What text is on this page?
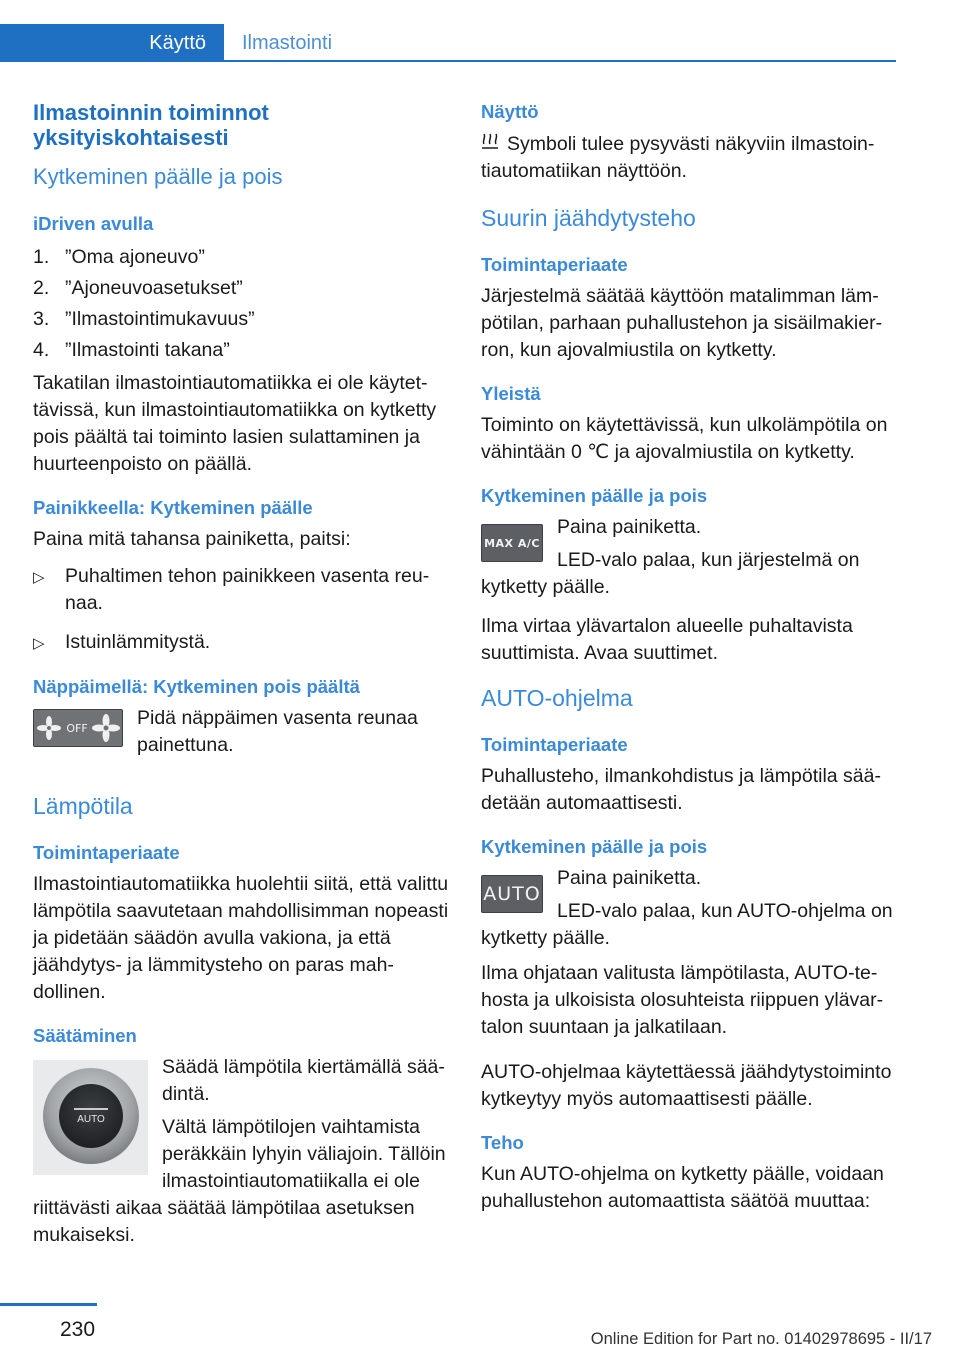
Käyttö	Ilmastointi
Ilmastoinnin toiminnot
yksityiskohtaisesti
Kytkeminen päälle ja pois
iDriven avulla
1. ”Oma ajoneuvo”
2. ”Ajoneuvoasetukset”
3. ”Ilmastointimukavuus”
4. ”Ilmastointi takana”

Takatilan ilmastointiautomatiikka ei ole käytettävissä, kun ilmastointiautomatiikka on kytketty pois päältä tai toiminto lasien sulattaminen ja huurteenpoisto on päällä.

Painikkeella: Kytkeminen päälle

Paina mitä tahansa painiketta, paitsi:

▷	Puhaltimen tehon painikkeen vasenta reunaa.
▷	Istuinlämmitystä.
Näppäimellä: Kytkeminen pois päältä
OFF	Pidä näppäimen vasenta reunaa painettuna.

Lämpötila
Toimintaperiaate

Ilmastointiautomatiikka huolehtii siitä, että valittu lämpötila saavutetaan mahdollisimman nopeasti ja pidetään säädön avulla vakiona, ja että jäähdytys- ja lämmitysteho on paras mahdollinen.

Säätäminen
AUTO

Säädä lämpötila kiertämällä säädintä.

Vältä lämpötilojen vaihtamista peräkkäin lyhyin väliajoin. Tällöin ilmastointiautomatiikalla ei ole riittävästi aikaa säätää lämpötilaa asetuksen mukaiseksi.

Näyttö

Symboli tulee pysyvästi näkyviin ilmastointiautomatiikan näyttöön.

Suurin jäähdytysteho
Toimintaperiaate

Järjestelmä säätää käyttöön matalimman lämpötilan, parhaan puhallustehon ja sisäilmakierron, kun ajovalmiustila on kytketty.

Yleistä

Toiminto on käytettävissä, kun ulkolämpötila on vähintään 0 ℃ ja ajovalmiustila on kytketty.

Kytkeminen päälle ja pois
MAX A/C

Paina painiketta.

LED-valo palaa, kun järjestelmä on kytketty päälle.

Ilma virtaa ylävartalon alueelle puhaltavista suuttimista. Avaa suuttimet.

AUTO-ohjelma
Toimintaperiaate

Puhallusteho, ilmankohdistus ja lämpötila säädetään automaattisesti.

Kytkeminen päälle ja pois
AUTO

Paina painiketta.

LED-valo palaa, kun AUTO-ohjelma on kytketty päälle.

Ilma ohjataan valitusta lämpötilasta, AUTO-tehosta ja ulkoisista olosuhteista riippuen ylävartalon suuntaan ja jalkatilaan.

AUTO-ohjelmaa käytettäessä jäähdytystoiminto kytkeytyy myös automaattisesti päälle.

Teho

Kun AUTO-ohjelma on kytketty päälle, voidaan puhallustehon automaattista säätöä muuttaa:

230	Online Edition for Part no. 01402978695 - II/17
